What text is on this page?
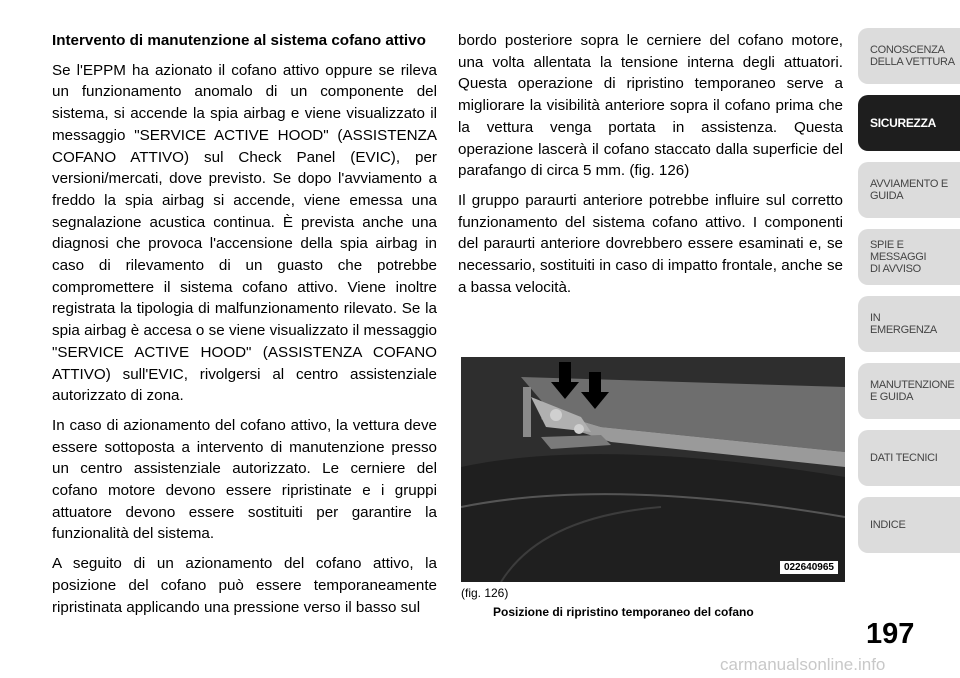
Intervento di manutenzione al sistema cofano attivo

Se l'EPPM ha azionato il cofano attivo oppure se rileva un funzionamento anomalo di un componente del sistema, si accende la spia airbag e viene visualizzato il messaggio "SERVICE ACTIVE HOOD" (ASSISTENZA COFANO ATTIVO) sul Check Panel (EVIC), per versioni/mercati, dove previsto. Se dopo l'avviamento a freddo la spia airbag si accende, viene emessa una segnalazione acustica continua. È prevista anche una diagnosi che provoca l'accensione della spia airbag in caso di rilevamento di un guasto che potrebbe compromettere il sistema cofano attivo. Viene inoltre registrata la tipologia di malfunzionamento rilevato. Se la spia airbag è accesa o se viene visualizzato il messaggio "SERVICE ACTIVE HOOD" (ASSISTENZA COFANO ATTIVO) sull'EVIC, rivolgersi al centro assistenziale autorizzato di zona.

In caso di azionamento del cofano attivo, la vettura deve essere sottoposta a intervento di manutenzione presso un centro assistenziale autorizzato. Le cerniere del cofano motore devono essere ripristinate e i gruppi attuatore devono essere sostituiti per garantire la funzionalità del sistema.

A seguito di un azionamento del cofano attivo, la posizione del cofano può essere temporaneamente ripristinata applicando una pressione verso il basso sul

bordo posteriore sopra le cerniere del cofano motore, una volta allentata la tensione interna degli attuatori. Questa operazione di ripristino temporaneo serve a migliorare la visibilità anteriore sopra il cofano prima che la vettura venga portata in assistenza. Questa operazione lascerà il cofano staccato dalla superficie del parafango di circa 5 mm. (fig. 126)

Il gruppo paraurti anteriore potrebbe influire sul corretto funzionamento del sistema cofano attivo. I componenti del paraurti anteriore dovrebbero essere esaminati e, se necessario, sostituiti in caso di impatto frontale, anche se a bassa velocità.

022640965
(fig. 126)
Posizione di ripristino temporaneo del cofano
CONOSCENZA
DELLA VETTURA
SICUREZZA
AVVIAMENTO E
GUIDA
SPIE E
MESSAGGI
DI AVVISO
IN
EMERGENZA
MANUTENZIONE
E GUIDA
DATI TECNICI
INDICE
197
carmanualsonline.info
